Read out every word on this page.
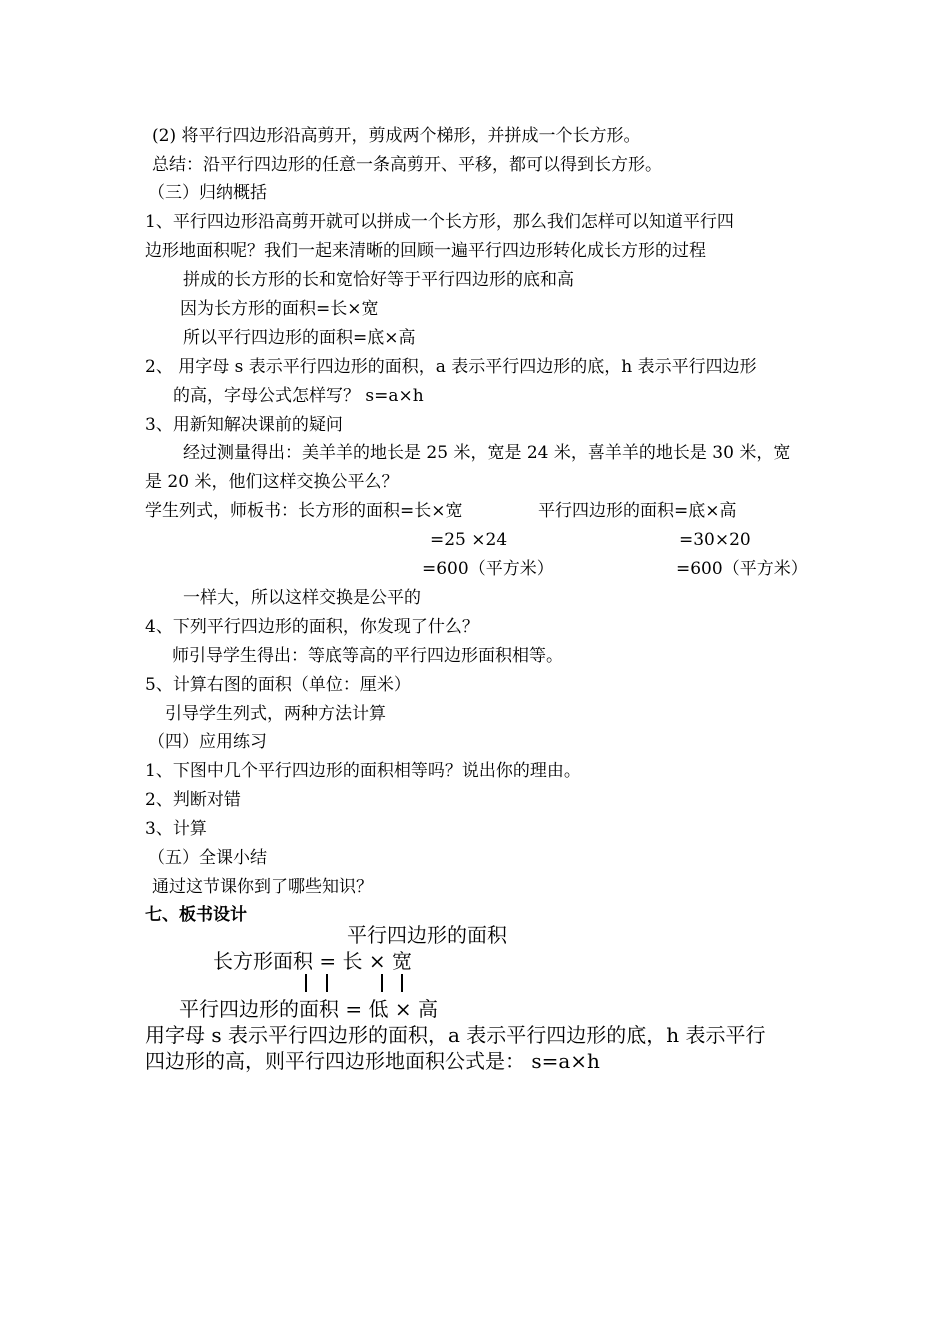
(2) 将平行四边形沿高剪开，剪成两个梯形，并拼成一个长方形。
总结：沿平行四边形的任意一条高剪开、平移，都可以得到长方形。
（三）归纳概括
1、平行四边形沿高剪开就可以拼成一个长方形，那么我们怎样可以知道平行四
边形地面积呢？我们一起来清晰的回顾一遍平行四边形转化成长方形的过程
拼成的长方形的长和宽恰好等于平行四边形的底和高
因为长方形的面积=长×宽
所以平行四边形的面积=底×高
2、 用字母 s 表示平行四边形的面积，a 表示平行四边形的底，h 表示平行四边形
的高，字母公式怎样写？ s=a×h
3、用新知解决课前的疑问
经过测量得出：美羊羊的地长是 25 米，宽是 24 米，喜羊羊的地长是 30 米，宽
是 20 米，他们这样交换公平么？
学生列式，师板书：长方形的面积=长×宽	平行四边形的面积=底×高
=25 ×24	=30×20
=600（平方米）	=600（平方米）
一样大，所以这样交换是公平的
4、下列平行四边形的面积，你发现了什么？
师引导学生得出：等底等高的平行四边形面积相等。
5、计算右图的面积（单位：厘米）
引导学生列式，两种方法计算
（四）应用练习
1、下图中几个平行四边形的面积相等吗？说出你的理由。
2、判断对错
3、计算
（五）全课小结
通过这节课你到了哪些知识？
七、板书设计
平行四边形的面积
长方形面积 = 长 × 宽
平行四边形的面积 = 低 × 高
用字母 s 表示平行四边形的面积，a 表示平行四边形的底，h 表示平行
四边形的高，则平行四边形地面积公式是： s=a×h
